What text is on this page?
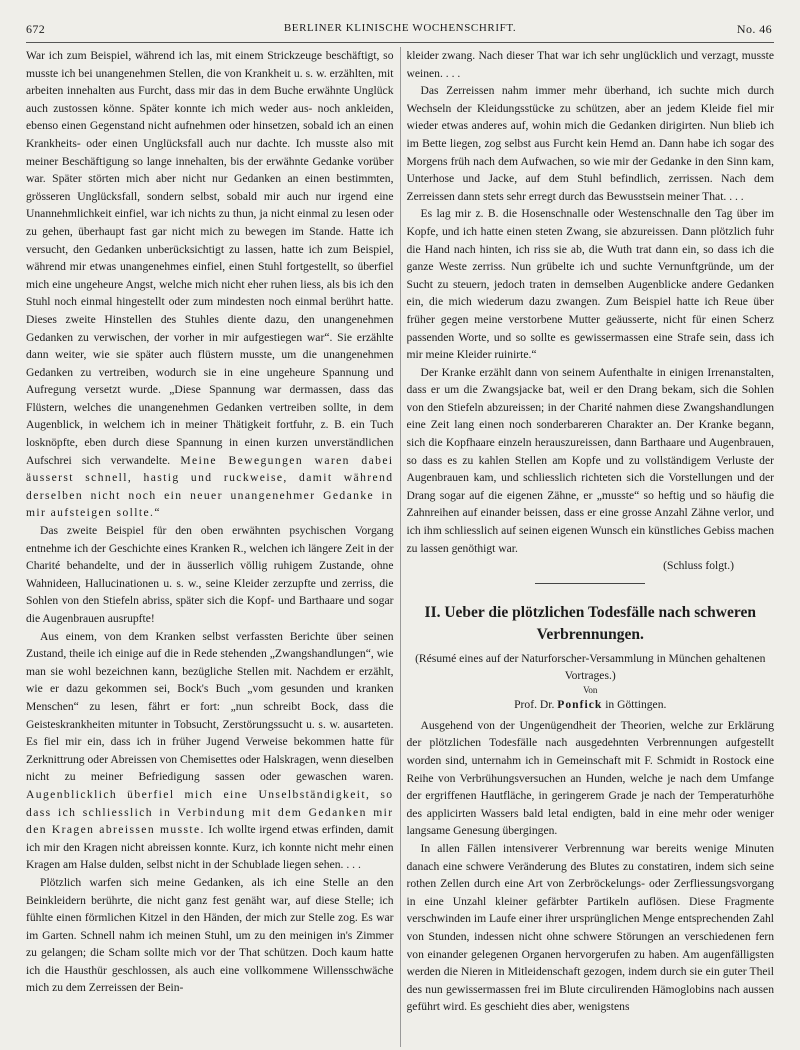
672	BERLINER KLINISCHE WOCHENSCHRIFT.	No. 46

War ich zum Beispiel, während ich las, mit einem Strickzeuge beschäftigt, so musste ich bei unangenehmen Stellen, die von Krankheit u. s. w. erzählten, mit arbeiten innehalten aus Furcht, dass mir das in dem Buche erwähnte Unglück auch zustossen könne. Später konnte ich mich weder aus- noch ankleiden, ebenso einen Gegenstand nicht aufnehmen oder hinsetzen, sobald ich an einen Krankheits- oder einen Unglücksfall auch nur dachte. Ich musste also mit meiner Beschäftigung so lange innehalten, bis der erwähnte Gedanke vorüber war. Später störten mich aber nicht nur Gedanken an einen bestimmten, grösseren Unglücksfall, sondern selbst, sobald mir auch nur irgend eine Unannehmlichkeit einfiel, war ich nichts zu thun, ja nicht einmal zu lesen oder zu gehen, überhaupt fast gar nicht mich zu bewegen im Stande. Hatte ich versucht, den Gedanken unberücksichtigt zu lassen, hatte ich zum Beispiel, während mir etwas unangenehmes einfiel, einen Stuhl fortgestellt, so überfiel mich eine ungeheure Angst, welche mich nicht eher ruhen liess, als bis ich den Stuhl noch einmal hingestellt oder zum mindesten noch einmal berührt hatte. Dieses zweite Hinstellen des Stuhles diente dazu, den unangenehmen Gedanken zu verwischen, der vorher in mir aufgestiegen war“. Sie erzählte dann weiter, wie sie später auch flüstern musste, um die unangenehmen Gedanken zu vertreiben, wodurch sie in eine ungeheure Spannung und Aufregung versetzt wurde. „Diese Spannung war dermassen, dass das Flüstern, welches die unangenehmen Gedanken vertreiben sollte, in dem Augenblick, in welchem ich in meiner Thätigkeit fortfuhr, z. B. ein Tuch losknöpfte, eben durch diese Spannung in einen kurzen unverständlichen Aufschrei sich verwandelte. Meine Bewegungen waren dabei äusserst schnell, hastig und ruckweise, damit während derselben nicht noch ein neuer unangenehmer Gedanke in mir aufsteigen sollte.“

Das zweite Beispiel für den oben erwähnten psychischen Vorgang entnehme ich der Geschichte eines Kranken R., welchen ich längere Zeit in der Charité behandelte, und der in äusserlich völlig ruhigem Zustande, ohne Wahnideen, Hallucinationen u. s. w., seine Kleider zerzupfte und zerriss, die Sohlen von den Stiefeln abriss, später sich die Kopf- und Barthaare und sogar die Augenbrauen ausrupfte!

Aus einem, von dem Kranken selbst verfassten Berichte über seinen Zustand, theile ich einige auf die in Rede stehenden „Zwangshandlungen“, wie man sie wohl bezeichnen kann, bezügliche Stellen mit. Nachdem er erzählt, wie er dazu gekommen sei, Bock's Buch „vom gesunden und kranken Menschen“ zu lesen, fährt er fort: „nun schreibt Bock, dass die Geisteskrankheiten mitunter in Tobsucht, Zerstörungssucht u. s. w. ausarteten. Es fiel mir ein, dass ich in früher Jugend Verweise bekommen hatte für Zerknittrung oder Abreissen von Chemisettes oder Halskragen, wenn dieselben nicht zu meiner Befriedigung sassen oder gewaschen waren. Augenblicklich überfiel mich eine Unselbständigkeit, so dass ich schliesslich in Verbindung mit dem Gedanken mir den Kragen abreissen musste. Ich wollte irgend etwas erfinden, damit ich mir den Kragen nicht abreissen konnte. Kurz, ich konnte nicht mehr einen Kragen am Halse dulden, selbst nicht in der Schublade liegen sehen. . . .

Plötzlich warfen sich meine Gedanken, als ich eine Stelle an den Beinkleidern berührte, die nicht ganz fest genäht war, auf diese Stelle; ich fühlte einen förmlichen Kitzel in den Händen, der mich zur Stelle zog. Es war im Garten. Schnell nahm ich meinen Stuhl, um zu den meinigen in's Zimmer zu gelangen; die Scham sollte mich vor der That schützen. Doch kaum hatte ich die Hausthür geschlossen, als auch eine vollkommene Willensschwäche mich zu dem Zerreissen der Bein-

kleider zwang. Nach dieser That war ich sehr unglücklich und verzagt, musste weinen. . . .

Das Zerreissen nahm immer mehr überhand, ich suchte mich durch Wechseln der Kleidungsstücke zu schützen, aber an jedem Kleide fiel mir wieder etwas anderes auf, wohin mich die Gedanken dirigirten. Nun blieb ich im Bette liegen, zog selbst aus Furcht kein Hemd an. Dann habe ich sogar des Morgens früh nach dem Aufwachen, so wie mir der Gedanke in den Sinn kam, Unterhose und Jacke, auf dem Stuhl befindlich, zerrissen. Nach dem Zerreissen dann stets sehr erregt durch das Bewusstsein meiner That. . . .

Es lag mir z. B. die Hosenschnalle oder Westenschnalle den Tag über im Kopfe, und ich hatte einen steten Zwang, sie abzureissen. Dann plötzlich fuhr die Hand nach hinten, ich riss sie ab, die Wuth trat dann ein, so dass ich die ganze Weste zerriss. Nun grübelte ich und suchte Vernunftgründe, um der Sucht zu steuern, jedoch traten in demselben Augenblicke andere Gedanken ein, die mich wiederum dazu zwangen. Zum Beispiel hatte ich Reue über früher gegen meine verstorbene Mutter geäusserte, nicht für einen Scherz passenden Worte, und so sollte es gewissermassen eine Strafe sein, dass ich mir meine Kleider ruinirte.“

Der Kranke erzählt dann von seinem Aufenthalte in einigen Irrenanstalten, dass er um die Zwangsjacke bat, weil er den Drang bekam, sich die Sohlen von den Stiefeln abzureissen; in der Charité nahmen diese Zwangshandlungen eine Zeit lang einen noch sonderbareren Charakter an. Der Kranke begann, sich die Kopfhaare einzeln herauszureissen, dann Barthaare und Augenbrauen, so dass es zu kahlen Stellen am Kopfe und zu vollständigem Verluste der Augenbrauen kam, und schliesslich richteten sich die Vorstellungen und der Drang sogar auf die eigenen Zähne, er „musste“ so heftig und so häufig die Zahnreihen auf einander beissen, dass er eine grosse Anzahl Zähne verlor, und ich ihm schliesslich auf seinen eigenen Wunsch ein künstliches Gebiss machen zu lassen genöthigt war.

(Schluss folgt.)

II. Ueber die plötzlichen Todesfälle nach schweren Verbrennungen.
(Résumé eines auf der Naturforscher-Versammlung in München gehaltenen Vortrages.)
Von
Prof. Dr. Ponfick in Göttingen.

Ausgehend von der Ungenügendheit der Theorien, welche zur Erklärung der plötzlichen Todesfälle nach ausgedehnten Verbrennungen aufgestellt worden sind, unternahm ich in Gemeinschaft mit F. Schmidt in Rostock eine Reihe von Verbrühungsversuchen an Hunden, welche je nach dem Umfange der ergriffenen Hautfläche, in geringerem Grade je nach der Temperaturhöhe des applicirten Wassers bald letal endigten, bald in eine mehr oder weniger langsame Genesung übergingen.

In allen Fällen intensiverer Verbrennung war bereits wenige Minuten danach eine schwere Veränderung des Blutes zu constatiren, indem sich seine rothen Zellen durch eine Art von Zerbröckelungs- oder Zerfliessungsvorgang in eine Unzahl kleiner gefärbter Partikeln auflösen. Diese Fragmente verschwinden im Laufe einer ihrer ursprünglichen Menge entsprechenden Zahl von Stunden, indessen nicht ohne schwere Störungen an verschiedenen fern von einander gelegenen Organen hervorgerufen zu haben. Am augenfälligsten werden die Nieren in Mitleidenschaft gezogen, indem durch sie ein guter Theil des nun gewissermassen frei im Blute circulirenden Hämoglobins nach aussen geführt wird. Es geschieht dies aber, wenigstens
